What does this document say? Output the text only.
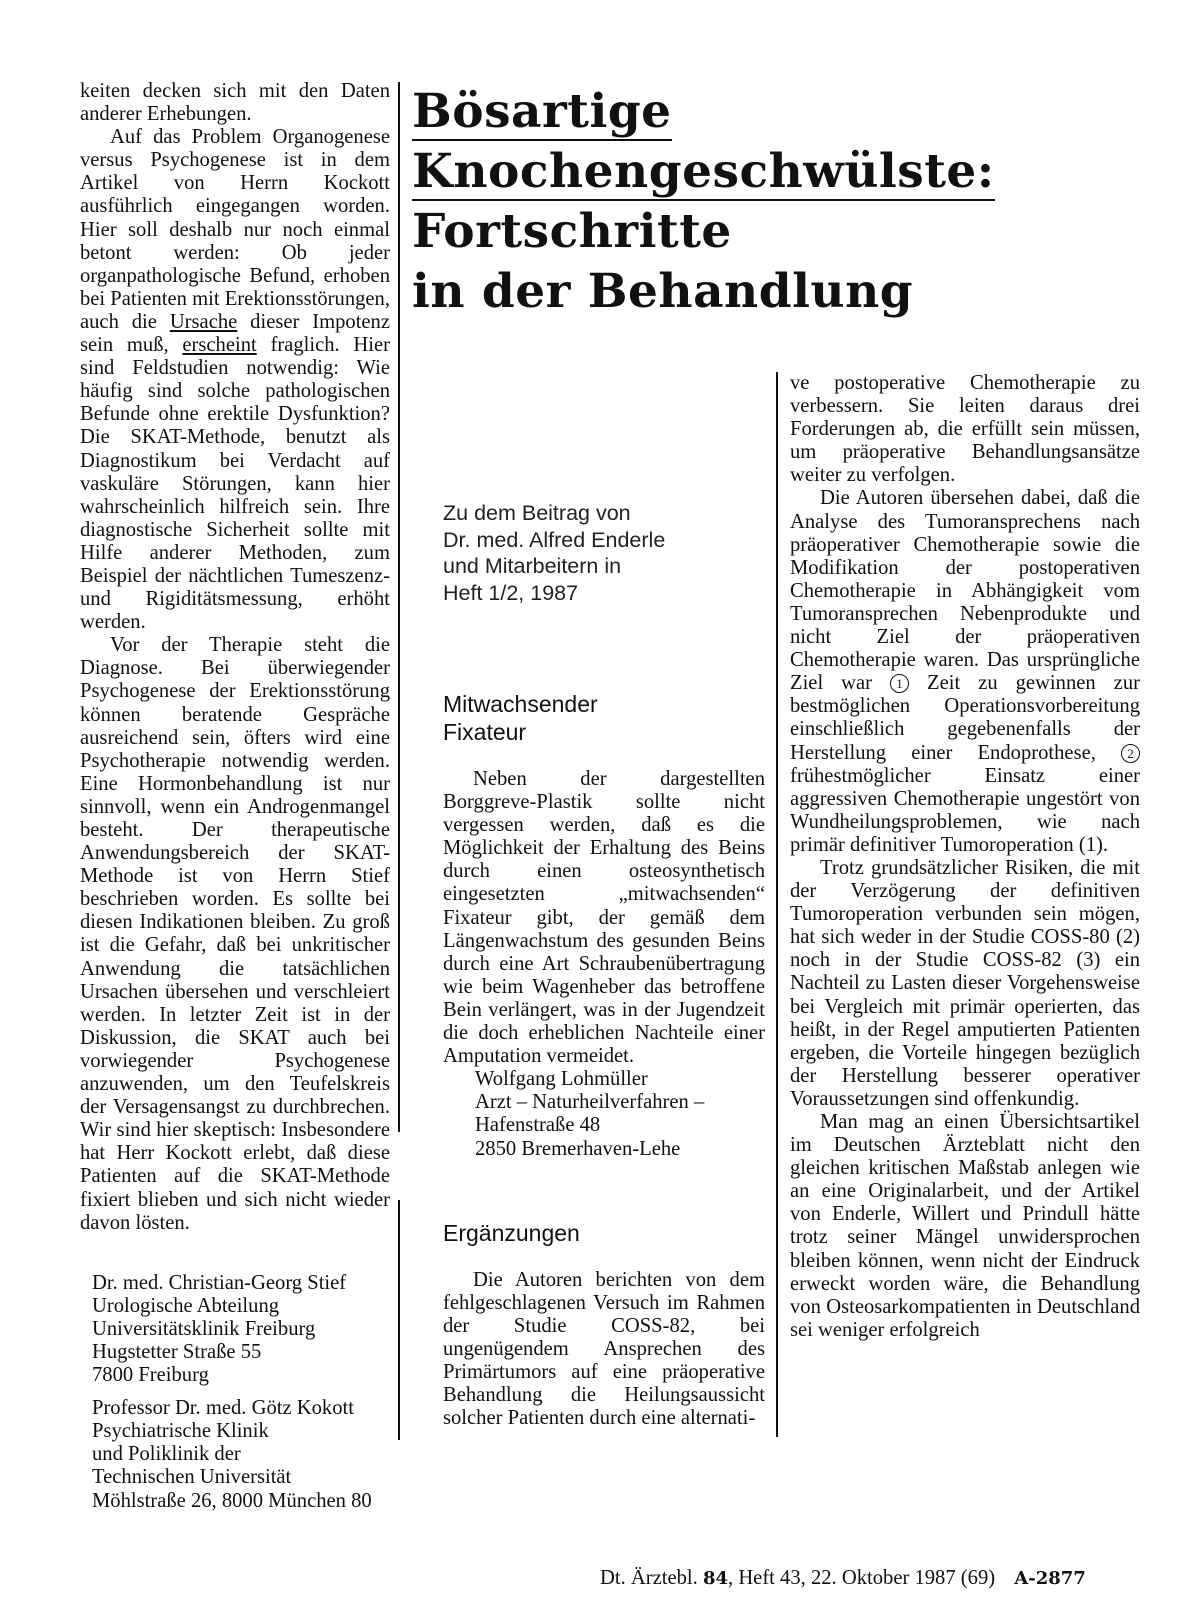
keiten decken sich mit den Daten anderer Erhebungen.

Auf das Problem Organogenese versus Psychogenese ist in dem Artikel von Herrn Kockott ausführlich eingegangen worden. Hier soll deshalb nur noch einmal betont werden: Ob jeder organpathologische Befund, erhoben bei Patienten mit Erektionsstörungen, auch die Ursache dieser Impotenz sein muß, erscheint fraglich. Hier sind Feldstudien notwendig: Wie häufig sind solche pathologischen Befunde ohne erektile Dysfunktion? Die SKAT-Methode, benutzt als Diagnostikum bei Verdacht auf vaskuläre Störungen, kann hier wahrscheinlich hilfreich sein. Ihre diagnostische Sicherheit sollte mit Hilfe anderer Methoden, zum Beispiel der nächtlichen Tumeszenz- und Rigiditätsmessung, erhöht werden.

Vor der Therapie steht die Diagnose. Bei überwiegender Psychogenese der Erektionsstörung können beratende Gespräche ausreichend sein, öfters wird eine Psychotherapie notwendig werden. Eine Hormonbehandlung ist nur sinnvoll, wenn ein Androgenmangel besteht. Der therapeutische Anwendungsbereich der SKAT-Methode ist von Herrn Stief beschrieben worden. Es sollte bei diesen Indikationen bleiben. Zu groß ist die Gefahr, daß bei unkritischer Anwendung die tatsächlichen Ursachen übersehen und verschleiert werden. In letzter Zeit ist in der Diskussion, die SKAT auch bei vorwiegender Psychogenese anzuwenden, um den Teufelskreis der Versagensangst zu durchbrechen. Wir sind hier skeptisch: Insbesondere hat Herr Kockott erlebt, daß diese Patienten auf die SKAT-Methode fixiert blieben und sich nicht wieder davon lösten.

Dr. med. Christian-Georg Stief
Urologische Abteilung
Universitätsklinik Freiburg
Hugstetter Straße 55
7800 Freiburg
Professor Dr. med. Götz Kokott
Psychiatrische Klinik
und Poliklinik der
Technischen Universität
Möhlstraße 26, 8000 München 80
Bösartige
Knochengeschwülste:
Fortschritte
in der Behandlung
Zu dem Beitrag von
Dr. med. Alfred Enderle
und Mitarbeitern in
Heft 1/2, 1987
Mitwachsender
Fixateur

Neben der dargestellten Borggreve-Plastik sollte nicht vergessen werden, daß es die Möglichkeit der Erhaltung des Beins durch einen osteosynthetisch eingesetzten „mitwachsenden“ Fixateur gibt, der gemäß dem Längenwachstum des gesunden Beins durch eine Art Schraubenübertragung wie beim Wagenheber das betroffene Bein verlängert, was in der Jugendzeit die doch erheblichen Nachteile einer Amputation vermeidet.

Wolfgang Lohmüller
Arzt – Naturheilverfahren –
Hafenstraße 48
2850 Bremerhaven-Lehe
Ergänzungen

Die Autoren berichten von dem fehlgeschlagenen Versuch im Rahmen der Studie COSS-82, bei ungenügendem Ansprechen des Primärtumors auf eine präoperative Behandlung die Heilungsaussicht solcher Patienten durch eine alternati-

ve postoperative Chemotherapie zu verbessern. Sie leiten daraus drei Forderungen ab, die erfüllt sein müssen, um präoperative Behandlungsansätze weiter zu verfolgen.

Die Autoren übersehen dabei, daß die Analyse des Tumoransprechens nach präoperativer Chemotherapie sowie die Modifikation der postoperativen Chemotherapie in Abhängigkeit vom Tumoransprechen Nebenprodukte und nicht Ziel der präoperativen Chemotherapie waren. Das ursprüngliche Ziel war 1 Zeit zu gewinnen zur bestmöglichen Operationsvorbereitung einschließlich gegebenenfalls der Herstellung einer Endoprothese, 2 frühestmöglicher Einsatz einer aggressiven Chemotherapie ungestört von Wundheilungsproblemen, wie nach primär definitiver Tumoroperation (1).

Trotz grundsätzlicher Risiken, die mit der Verzögerung der definitiven Tumoroperation verbunden sein mögen, hat sich weder in der Studie COSS-80 (2) noch in der Studie COSS-82 (3) ein Nachteil zu Lasten dieser Vorgehensweise bei Vergleich mit primär operierten, das heißt, in der Regel amputierten Patienten ergeben, die Vorteile hingegen bezüglich der Herstellung besserer operativer Voraussetzungen sind offenkundig.

Man mag an einen Übersichtsartikel im Deutschen Ärzteblatt nicht den gleichen kritischen Maßstab anlegen wie an eine Originalarbeit, und der Artikel von Enderle, Willert und Prindull hätte trotz seiner Mängel unwidersprochen bleiben können, wenn nicht der Eindruck erweckt worden wäre, die Behandlung von Osteosarkompatienten in Deutschland sei weniger erfolgreich

Dt. Ärztebl. 84, Heft 43, 22. Oktober 1987 (69) A-2877
